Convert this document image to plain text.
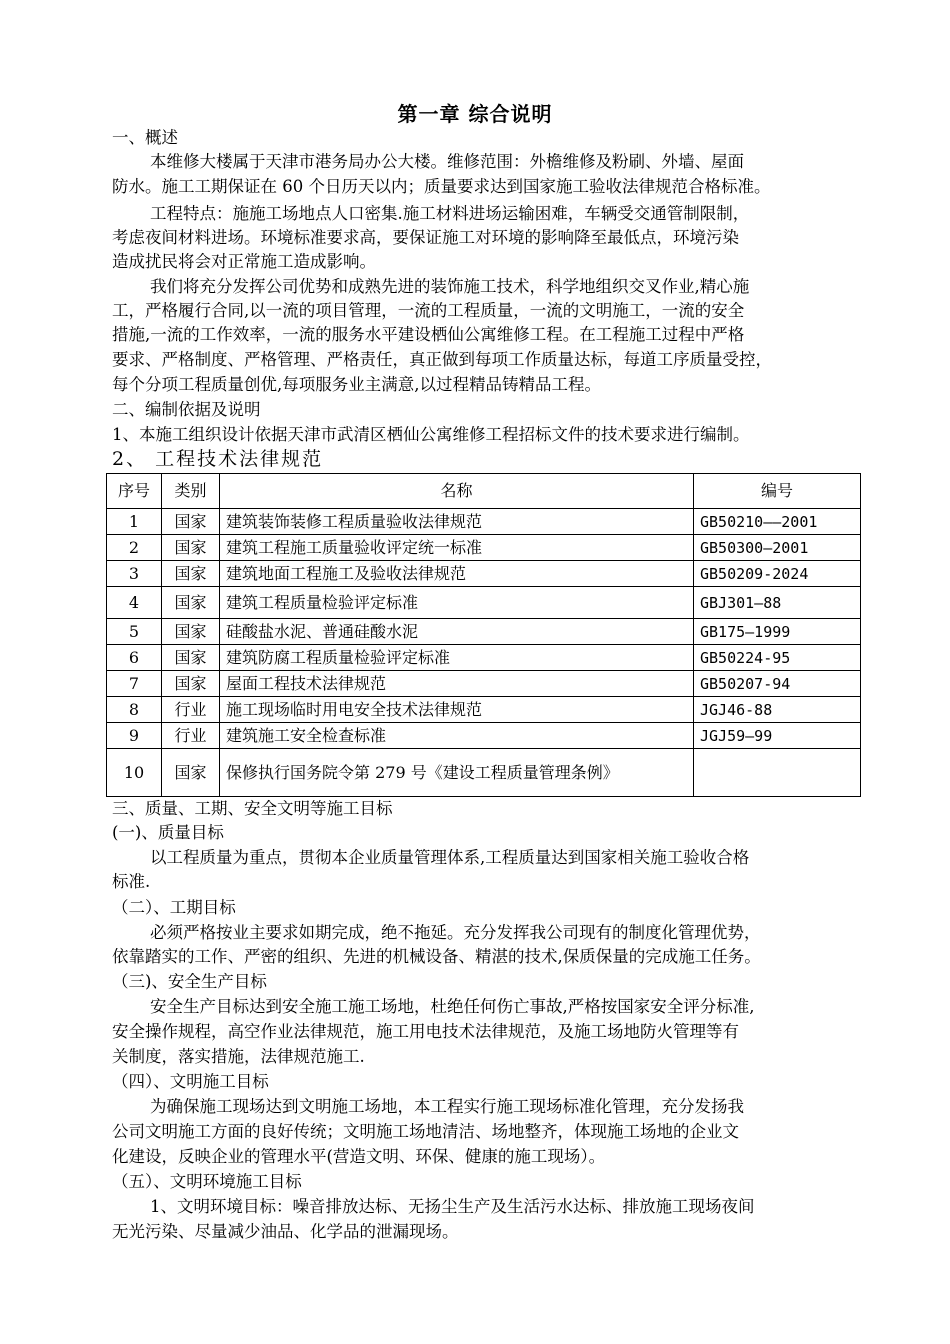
第一章 综合说明
一、概述
本维修大楼属于天津市港务局办公大楼。维修范围：外檐维修及粉刷、外墙、屋面
防水。施工工期保证在 60 个日历天以内；质量要求达到国家施工验收法律规范合格标准。
工程特点：施施工场地点人口密集.施工材料进场运输困难，车辆受交通管制限制，
考虑夜间材料进场。环境标准要求高，要保证施工对环境的影响降至最低点，环境污染
造成扰民将会对正常施工造成影响。
我们将充分发挥公司优势和成熟先进的装饰施工技术，科学地组织交叉作业,精心施
工，严格履行合同,以一流的项目管理，一流的工程质量，一流的文明施工，一流的安全
措施,一流的工作效率，一流的服务水平建设栖仙公寓维修工程。在工程施工过程中严格
要求、严格制度、严格管理、严格责任，真正做到每项工作质量达标，每道工序质量受控，
每个分项工程质量创优,每项服务业主满意,以过程精品铸精品工程。
二、编制依据及说明
1、本施工组织设计依据天津市武清区栖仙公寓维修工程招标文件的技术要求进行编制。
2、 工程技术法律规范
序号	类别	名称	编号
1	国家	建筑装饰装修工程质量验收法律规范	GB50210——2001
2	国家	建筑工程施工质量验收评定统一标准	GB50300—2001
3	国家	建筑地面工程施工及验收法律规范	GB50209-2024
4	国家	建筑工程质量检验评定标准	GBJ301—88
5	国家	硅酸盐水泥、普通硅酸水泥	GB175—1999
6	国家	建筑防腐工程质量检验评定标准	GB50224-95
7	国家	屋面工程技术法律规范	GB50207-94
8	行业	施工现场临时用电安全技术法律规范	JGJ46-88
9	行业	建筑施工安全检查标准	JGJ59—99
10	国家	保修执行国务院令第 279 号《建设工程质量管理条例》	
三、质量、工期、安全文明等施工目标
(一)、质量目标
以工程质量为重点，贯彻本企业质量管理体系,工程质量达到国家相关施工验收合格
标准.
（二）、工期目标
必须严格按业主要求如期完成，绝不拖延。充分发挥我公司现有的制度化管理优势，
依靠踏实的工作、严密的组织、先进的机械设备、精湛的技术,保质保量的完成施工任务。
（三)、安全生产目标
安全生产目标达到安全施工施工场地，杜绝任何伤亡事故,严格按国家安全评分标准,
安全操作规程，高空作业法律规范，施工用电技术法律规范，及施工场地防火管理等有
关制度，落实措施，法律规范施工.
（四）、文明施工目标
为确保施工现场达到文明施工场地，本工程实行施工现场标准化管理，充分发扬我
公司文明施工方面的良好传统；文明施工场地清洁、场地整齐，体现施工场地的企业文
化建设，反映企业的管理水平(营造文明、环保、健康的施工现场）。
（五）、文明环境施工目标
1、文明环境目标：噪音排放达标、无扬尘生产及生活污水达标、排放施工现场夜间
无光污染、尽量减少油品、化学品的泄漏现场。
